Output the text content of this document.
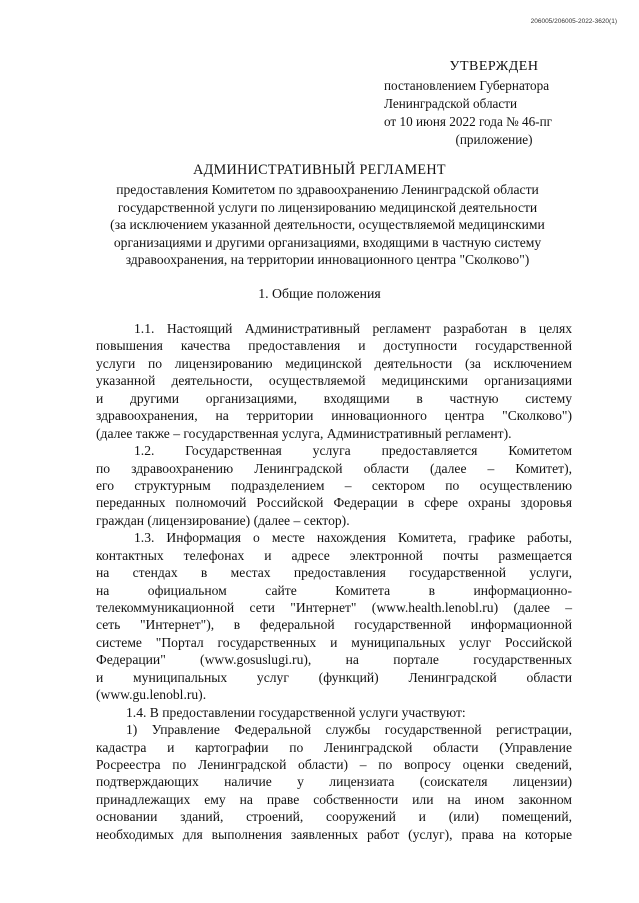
206005/206005-2022-3620(1)
УТВЕРЖДЕН
постановлением Губернатора
Ленинградской области
от 10 июня 2022 года № 46-пг
(приложение)
АДМИНИСТРАТИВНЫЙ РЕГЛАМЕНТ
предоставления Комитетом по здравоохранению Ленинградской области
государственной услуги по лицензированию медицинской деятельности
(за исключением указанной деятельности, осуществляемой медицинскими
организациями и другими организациями, входящими в частную систему
здравоохранения, на территории инновационного центра "Сколково")
1. Общие положения
1.1. Настоящий Административный регламент разработан в целях
повышения качества предоставления и доступности государственной
услуги по лицензированию медицинской деятельности (за исключением
указанной деятельности, осуществляемой медицинскими организациями
и другими организациями, входящими в частную систему
здравоохранения, на территории инновационного центра "Сколково")
(далее также – государственная услуга, Административный регламент).
1.2. Государственная услуга предоставляется Комитетом
по здравоохранению Ленинградской области (далее – Комитет),
его структурным подразделением – сектором по осуществлению
переданных полномочий Российской Федерации в сфере охраны здоровья
граждан (лицензирование) (далее – сектор).
1.3. Информация о месте нахождения Комитета, графике работы,
контактных телефонах и адресе электронной почты размещается
на стендах в местах предоставления государственной услуги,
на официальном сайте Комитета в информационно-
телекоммуникационной сети "Интернет" (www.health.lenobl.ru) (далее –
сеть "Интернет"), в федеральной государственной информационной
системе "Портал государственных и муниципальных услуг Российской
Федерации" (www.gosuslugi.ru), на портале государственных
и муниципальных услуг (функций) Ленинградской области
(www.gu.lenobl.ru).
1.4. В предоставлении государственной услуги участвуют:
1) Управление Федеральной службы государственной регистрации,
кадастра и картографии по Ленинградской области (Управление
Росреестра по Ленинградской области) – по вопросу оценки сведений,
подтверждающих наличие у лицензиата (соискателя лицензии)
принадлежащих ему на праве собственности или на ином законном
основании зданий, строений, сооружений и (или) помещений,
необходимых для выполнения заявленных работ (услуг), права на которые
